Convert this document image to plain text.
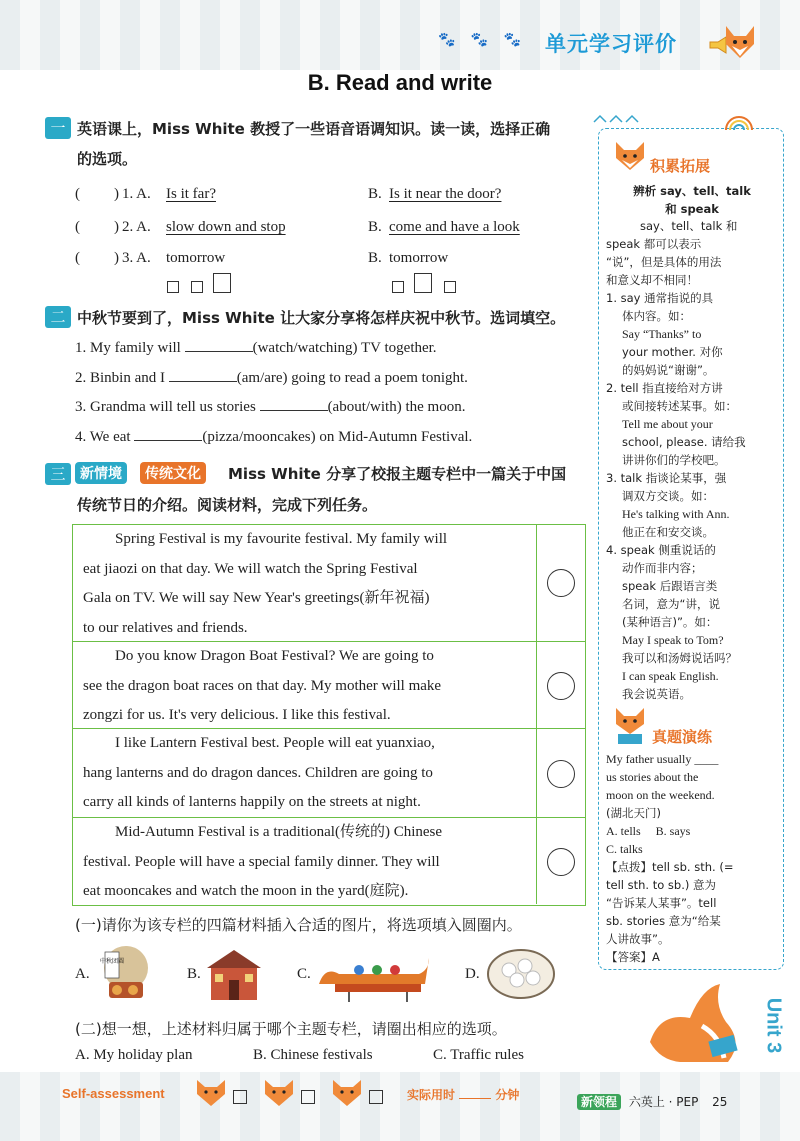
🐾 🐾 🐾 单元学习评价
B. Read and write
一 英语课上，Miss White 教授了一些语音语调知识。读一读，选择正确
的选项。
( ) 1. A. Is it far?	B. Is it near the door?
( ) 2. A. slow down and stop	B. come and have a look
( ) 3. A. tomorrow	B. tomorrow

二 中秋节要到了，Miss White 让大家分享将怎样庆祝中秋节。选词填空。
1. My family will	(watch/watching) TV together.
2. Binbin and I	(am/are) going to read a poem tonight.
3. Grandma will tell us stories	(about/with) the moon.
4. We eat	(pizza/mooncakes) on Mid-Autumn Festival.
三	新情境	传统文化	Miss White 分享了校报主题专栏中一篇关于中国
传统节日的介绍。阅读材料，完成下列任务。

Spring Festival is my favourite festival. My family will

eat jiaozi on that day. We will watch the Spring Festival
Gala on TV. We will say New Year's greetings(新年祝福)
to our relatives and friends.

Do you know Dragon Boat Festival? We are going to

see the dragon boat races on that day. My mother will make
zongzi for us. It's very delicious. I like this festival.

I like Lantern Festival best. People will eat yuanxiao,

hang lanterns and do dragon dances. Children are going to
carry all kinds of lanterns happily on the streets at night.

Mid-Autumn Festival is a traditional(传统的) Chinese

festival. People will have a special family dinner. They will
eat mooncakes and watch the moon in the yard(庭院).
(一)请你为该专栏的四篇材料插入合适的图片，将选项填入圆圈内。
A.
中秋团圆
B.	C.	D.
(二)想一想，上述材料归属于哪个主题专栏，请圈出相应的选项。
A. My holiday plan	B. Chinese festivals	C. Traffic rules
积累拓展
辨析 say、tell、talk
和 speak
say、tell、talk 和
speak 都可以表示
“说”，但是具体的用法
和意义却不相同！
1. say 通常指说的具
体内容。如：
Say “Thanks” to
your mother. 对你
的妈妈说“谢谢”。
2. tell 指直接给对方讲
或间接转述某事。如：
Tell me about your
school, please. 请给我
讲讲你们的学校吧。
3. talk 指谈论某事，强
调双方交谈。如：
He's talking with Ann.
他正在和安交谈。
4. speak 侧重说话的
动作而非内容；
speak 后跟语言类
名词，意为“讲，说
(某种语言)”。如：
May I speak to Tom?
我可以和汤姆说话吗？
I can speak English.
我会说英语。
真题演练
My father usually ____
us stories about the
moon on the weekend.
(湖北天门)
A. tells     B. says
C. talks
【点拨】tell sb. sth. (=
tell sth. to sb.) 意为
“告诉某人某事”。tell
sb. stories 意为“给某
人讲故事”。
【答案】A
Unit 3
Self-assessment

	实际用时	分钟	新领程 六英上 · PEP 25
